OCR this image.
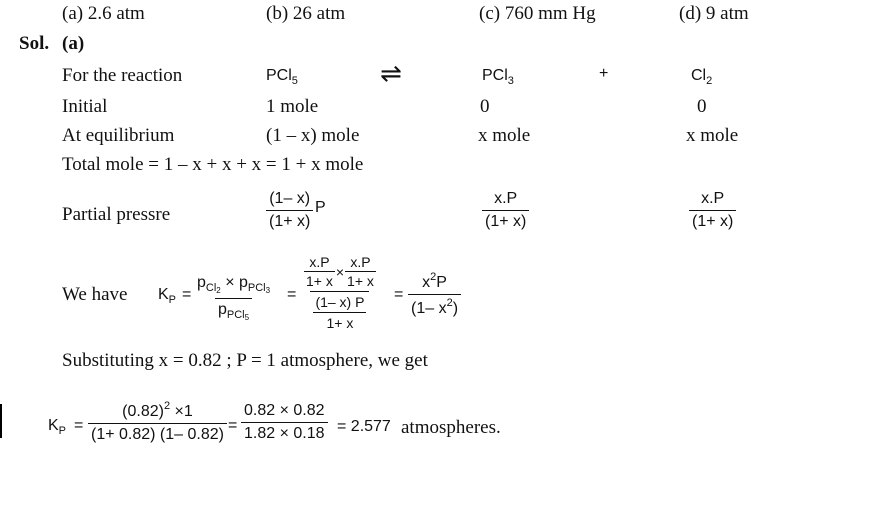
(a) 2.6 atm	(b) 26 atm	(c) 760 mm Hg	(d) 9 atm
Sol. (a)
For the reaction	PCl$_5$	⇌	PCl$_3$	+	$Cl_2$
Initial	1 mole	0	0
At equilibrium	(1 – x) mole	x mole	x mole
Total mole = 1 – x + x + x = 1 + x mole
Partial pressre	$\frac{(1- x)}{(1+ x)}$ P	$\frac{x.P}{(1+ x)}$	$\frac{x.P}{(1+ x)}$
We have $K_P$ =
$p_{Cl2} \times p_{PCl3}$
$p_{PCl5}$
= $\frac{x.P}{1+ x} \times \frac{x.P}{1+ x}$
(1– x) P
$1+ x = \frac{x^2P}{(1- x^2)}$
Substituting x = 0.82 ; P = 1 atmosphere, we get
$K_P = \frac{(0.82)^2 \times 1}{(1+ 0.82) (1- 0.82)} = \frac{0.82 \times 0.82}{1.82 \times 0.18} = 2.577$ atmospheres.
